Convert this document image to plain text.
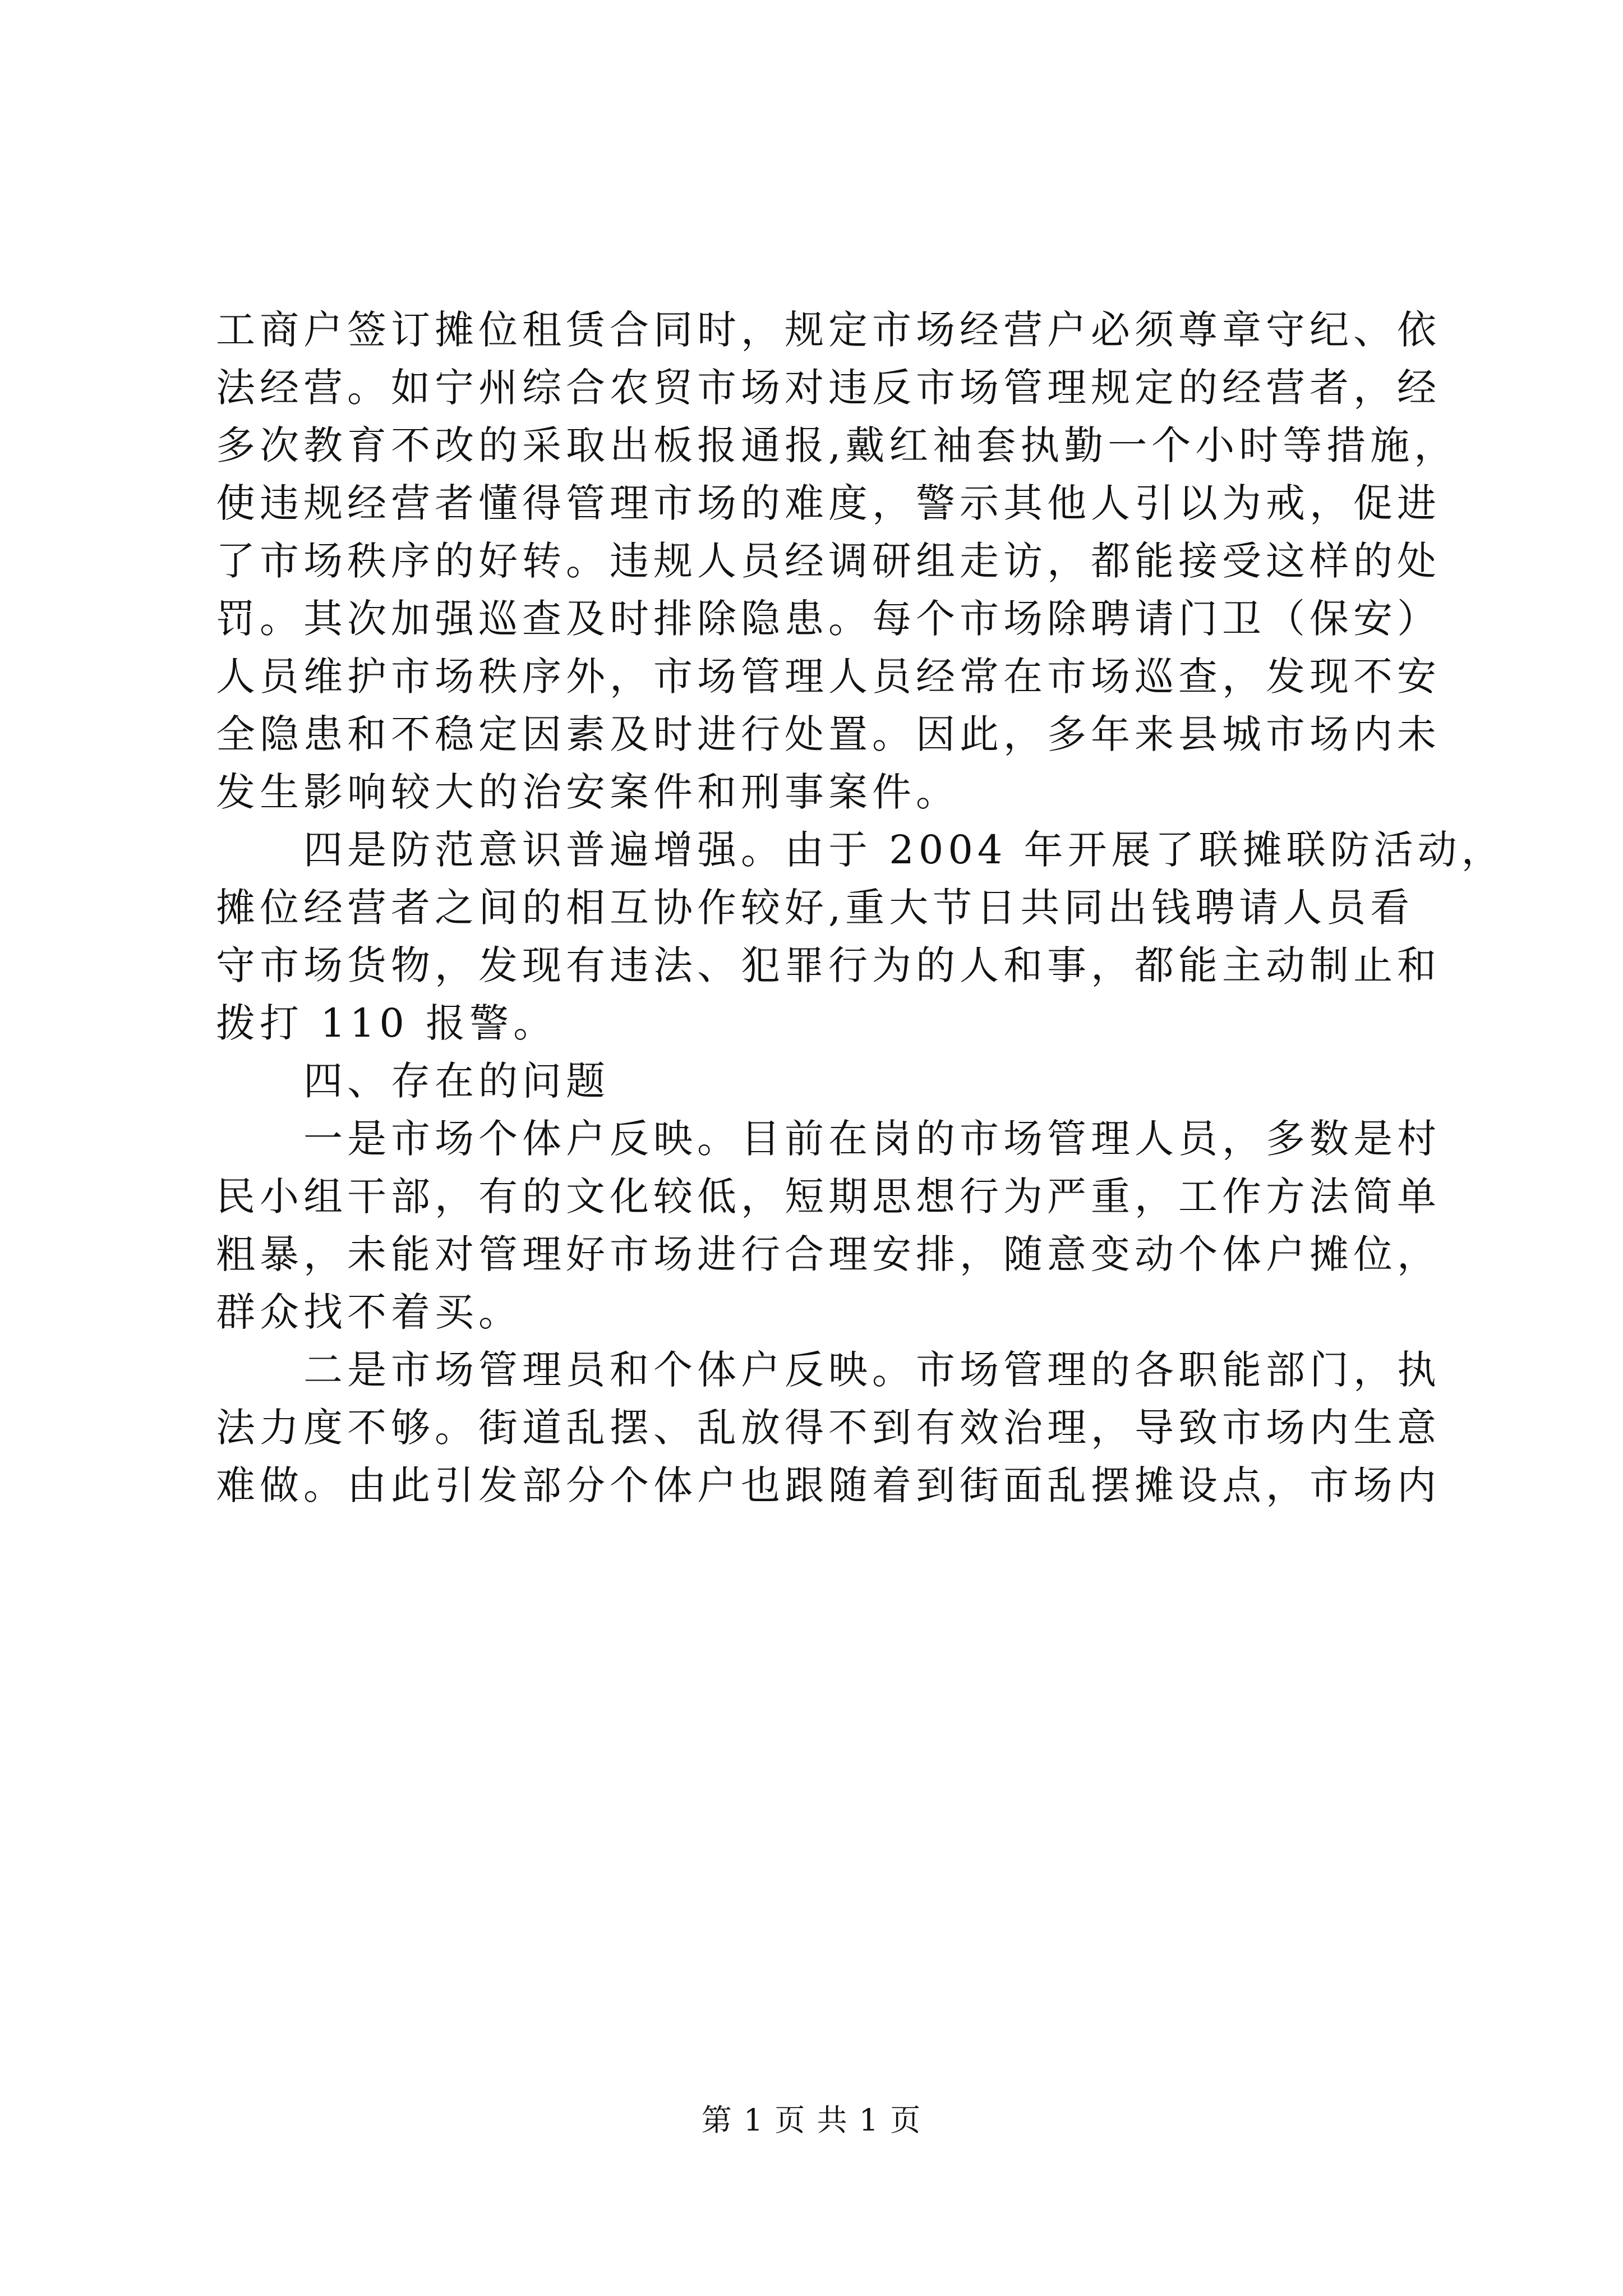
工商户签订摊位租赁合同时，规定市场经营户必须尊章守纪、依
法经营。如宁州综合农贸市场对违反市场管理规定的经营者，经
多次教育不改的采取出板报通报,戴红袖套执勤一个小时等措施，
使违规经营者懂得管理市场的难度，警示其他人引以为戒，促进
了市场秩序的好转。违规人员经调研组走访，都能接受这样的处
罚。其次加强巡查及时排除隐患。每个市场除聘请门卫（保安）
人员维护市场秩序外，市场管理人员经常在市场巡查，发现不安
全隐患和不稳定因素及时进行处置。因此，多年来县城市场内未
发生影响较大的治安案件和刑事案件。
　　四是防范意识普遍增强。由于 2004 年开展了联摊联防活动，
摊位经营者之间的相互协作较好,重大节日共同出钱聘请人员看
守市场货物，发现有违法、犯罪行为的人和事，都能主动制止和
拨打 110 报警。
　　四、存在的问题
　　一是市场个体户反映。目前在岗的市场管理人员，多数是村
民小组干部，有的文化较低，短期思想行为严重，工作方法简单
粗暴，未能对管理好市场进行合理安排，随意变动个体户摊位，
群众找不着买。
　　二是市场管理员和个体户反映。市场管理的各职能部门，执
法力度不够。街道乱摆、乱放得不到有效治理，导致市场内生意
难做。由此引发部分个体户也跟随着到街面乱摆摊设点，市场内
第 1 页 共 1 页
